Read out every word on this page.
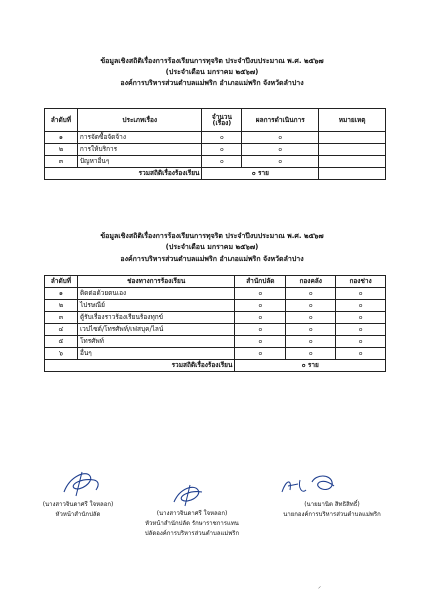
ข้อมูลเชิงสถิติเรื่องการร้องเรียนการทุจริต ประจำปีงบประมาณ พ.ศ. ๒๕๖๗
(ประจำเดือน มกราคม ๒๕๖๗)
องค์การบริหารส่วนตำบลแม่พริก อำเภอแม่พริก จังหวัดลำปาง
ลำดับที่	ประเภทเรื่อง	จำนวน (เรื่อง)	ผลการดำเนินการ	หมายเหตุ
๑	การจัดซื้อจัดจ้าง	๐	๐	
๒	การให้บริการ	๐	๐	
๓	ปัญหาอื่นๆ	๐	๐	
รวมสถิติเรื่องร้องเรียน		๐ ราย		
ข้อมูลเชิงสถิติเรื่องการร้องเรียนการทุจริต ประจำปีงบประมาณ พ.ศ. ๒๕๖๗
(ประจำเดือน มกราคม ๒๕๖๗)
องค์การบริหารส่วนตำบลแม่พริก อำเภอแม่พริก จังหวัดลำปาง
ลำดับที่	ช่องทางการร้องเรียน	สำนักปลัด	กองคลัง	กองช่าง
๑	ติดต่อด้วยตนเอง	๐	๐	๐
๒	ไปรษณีย์	๐	๐	๐
๓	ตู้รับเรื่องราวร้องเรียนร้องทุกข์	๐	๐	๐
๔	เวปไซต์/โทรศัพท์/เฟสบุค/ไลน์	๐	๐	๐
๕	โทรศัพท์	๐	๐	๐
๖	อื่นๆ	๐	๐	๐
รวมสถิติเรื่องร้องเรียน		๐ ราย		
(นางสาวจินดาศรี ใจหลอก)
หัวหน้าสำนักปลัด	(นางสาวจินดาศรี ใจหลอก)
หัวหน้าสำนักปลัด รักษาราชการแทน
ปลัดองค์การบริหารส่วนตำบลแม่พริก
(นายมานิต สิทธิสิทธิ์)
นายกองค์การบริหารส่วนตำบลแม่พริก
⸝
